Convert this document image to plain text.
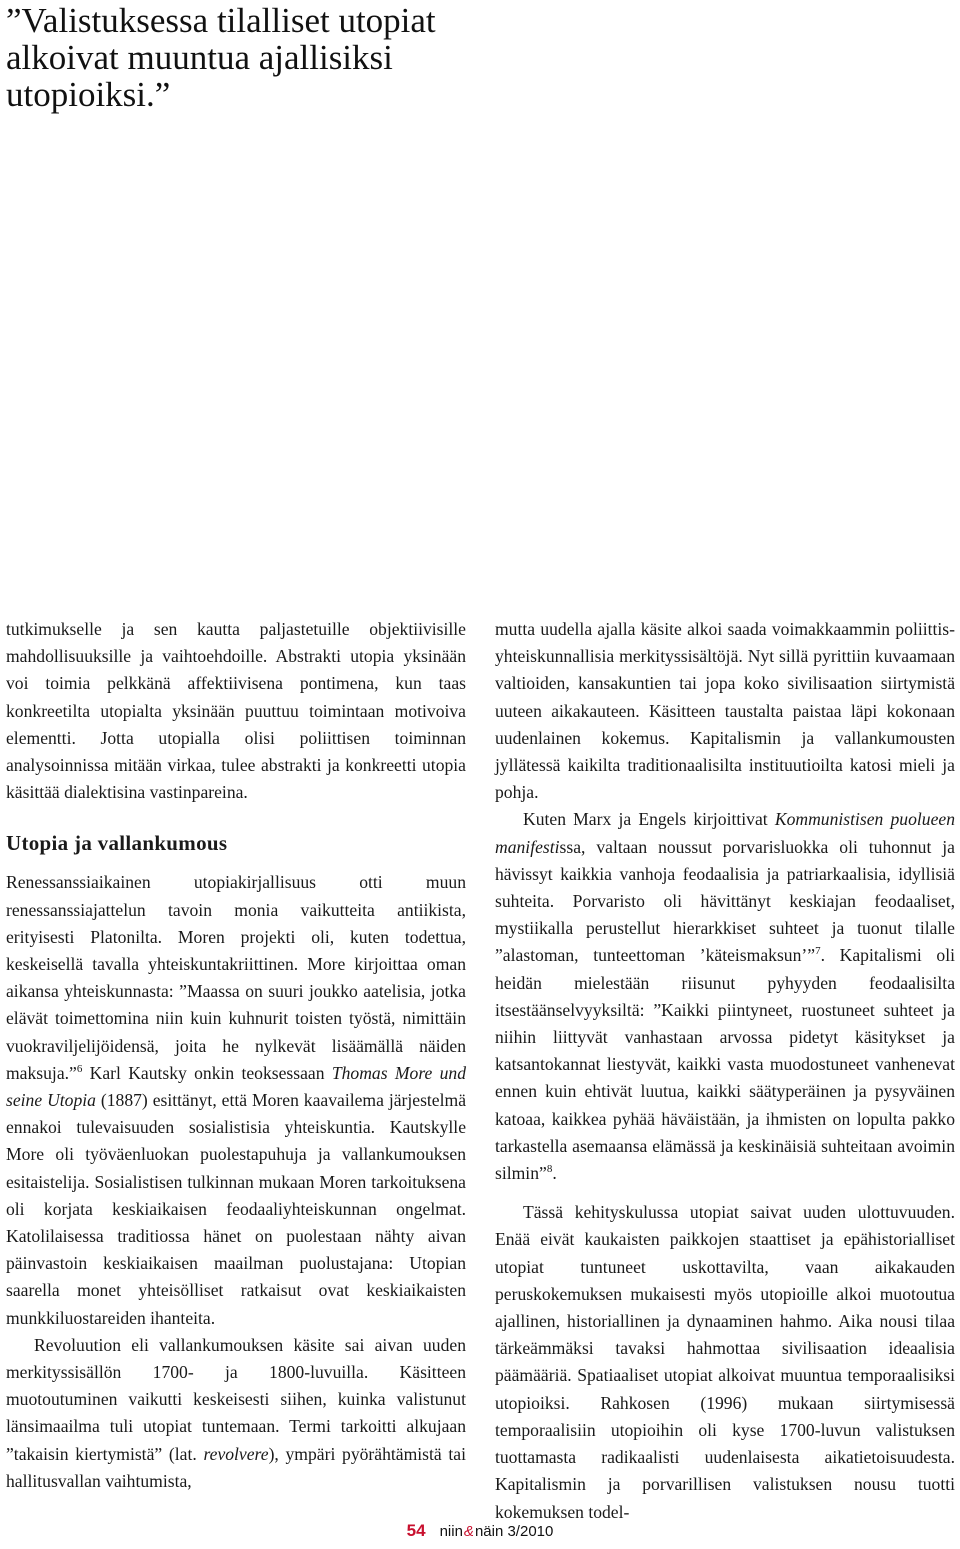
”Valistuksessa tilalliset utopiat alkoivat muuntua ajallisiksi utopioiksi.”

tutkimukselle ja sen kautta paljastetuille objektiivisille mahdollisuuksille ja vaihtoehdoille. Abstrakti utopia yksinään voi toimia pelkkänä affektiivisena pontimena, kun taas konkreetilta utopialta yksinään puuttuu toimintaan motivoiva elementti. Jotta utopialla olisi poliittisen toiminnan analysoinnissa mitään virkaa, tulee abstrakti ja konkreetti utopia käsittää dialektisina vastinpareina.

Utopia ja vallankumous

Renessanssiaikainen utopiakirjallisuus otti muun renessanssiajattelun tavoin monia vaikutteita antiikista, erityisesti Platonilta. Moren projekti oli, kuten todettua, keskeisellä tavalla yhteiskuntakriittinen. More kirjoittaa oman aikansa yhteiskunnasta: ”Maassa on suuri joukko aatelisia, jotka elävät toimettomina niin kuin kuhnurit toisten työstä, nimittäin vuokraviljelijöidensä, joita he nylkevät lisäämällä näiden maksuja.”$^6$ Karl Kautsky onkin teoksessaan Thomas More und seine Utopia (1887) esittänyt, että Moren kaavailema järjestelmä ennakoi tulevaisuuden sosialistisia yhteiskuntia. Kautskylle More oli työväenluokan puolestapuhuja ja vallankumouksen esitaistelija. Sosialistisen tulkinnan mukaan Moren tarkoituksena oli korjata keskiaikaisen feodaaliyhteiskunnan ongelmat. Katolilaisessa traditiossa hänet on puolestaan nähty aivan päinvastoin keskiaikaisen maailman puolustajana: Utopian saarella monet yhteisölliset ratkaisut ovat keskiaikaisten munkkiluostareiden ihanteita.

Revoluution eli vallankumouksen käsite sai aivan uuden merkityssisällön 1700- ja 1800-luvuilla. Käsitteen muotoutuminen vaikutti keskeisesti siihen, kuinka valistunut länsimaailma tuli utopiat tuntemaan. Termi tarkoitti alkujaan ”takaisin kiertymistä” (lat. revolvere), ympäri pyörähtämistä tai hallitusvallan vaihtumista,

mutta uudella ajalla käsite alkoi saada voimakkaammin poliittis-yhteiskunnallisia merkityssisältöjä. Nyt sillä pyrittiin kuvaamaan valtioiden, kansakuntien tai jopa koko sivilisaation siirtymistä uuteen aikakauteen. Käsitteen taustalta paistaa läpi kokonaan uudenlainen kokemus. Kapitalismin ja vallankumousten jyllätessä kaikilta traditionaalisilta instituutioilta katosi mieli ja pohja.

Kuten Marx ja Engels kirjoittivat Kommunistisen puolueen manifestissa, valtaan noussut porvarisluokka oli tuhonnut ja hävissyt kaikkia vanhoja feodaalisia ja patriarkaalisia, idyllisiä suhteita. Porvaristo oli hävittänyt keskiajan feodaaliset, mystiikalla perustellut hierarkkiset suhteet ja tuonut tilalle ”alastoman, tunteettoman ’käteismaksun’”$^7$. Kapitalismi oli heidän mielestään riisunut pyhyyden feodaalisilta itsestäänselvyyksiltä: ”Kaikki piintyneet, ruostuneet suhteet ja niihin liittyvät vanhastaan arvossa pidetyt käsitykset ja katsantokannat liestyvät, kaikki vasta muodostuneet vanhenevat ennen kuin ehtivät luutua, kaikki säätyperäinen ja pysyväinen katoaa, kaikkea pyhää häväistään, ja ihmisten on lopulta pakko tarkastella asemaansa elämässä ja keskinäisiä suhteitaan avoimin silmin”$^8$.

Tässä kehityskulussa utopiat saivat uuden ulottuvuuden. Enää eivät kaukaisten paikkojen staattiset ja epähistorialliset utopiat tuntuneet uskottavilta, vaan aikakauden peruskokemuksen mukaisesti myös utopioille alkoi muotoutua ajallinen, historiallinen ja dynaaminen hahmo. Aika nousi tilaa tärkeämmäksi tavaksi hahmottaa sivilisaation ideaalisia päämääriä. Spatiaaliset utopiat alkoivat muuntua temporaalisiksi utopioiksi. Rahkosen (1996) mukaan siirtymisessä temporaalisiin utopioihin oli kyse 1700-luvun valistuksen tuottamasta radikaalisti uudenlaisesta aikatietoisuudesta. Kapitalismin ja porvarillisen valistuksen nousu tuotti kokemuksen todel-

54 niin&näin 3/2010
